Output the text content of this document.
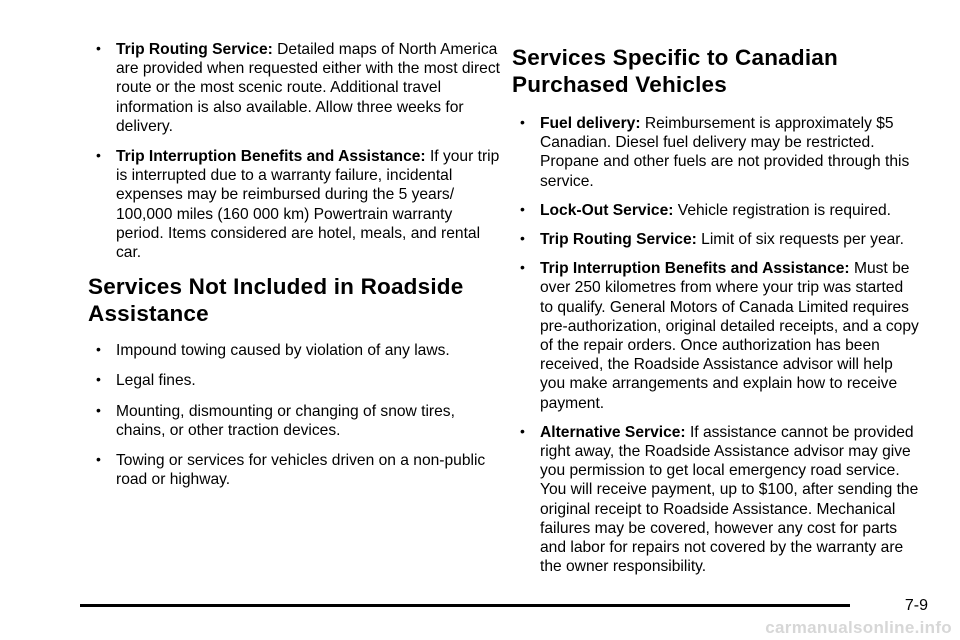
• Trip Routing Service: Detailed maps of North America are provided when requested either with the most direct route or the most scenic route. Additional travel information is also available. Allow three weeks for delivery.
• Trip Interruption Benefits and Assistance: If your trip is interrupted due to a warranty failure, incidental expenses may be reimbursed during the 5 years/ 100,000 miles (160 000 km) Powertrain warranty period. Items considered are hotel, meals, and rental car.
Services Not Included in Roadside Assistance
• Impound towing caused by violation of any laws.
• Legal fines.
• Mounting, dismounting or changing of snow tires, chains, or other traction devices.
• Towing or services for vehicles driven on a non-public road or highway.
Services Specific to Canadian Purchased Vehicles
• Fuel delivery: Reimbursement is approximately $5 Canadian. Diesel fuel delivery may be restricted. Propane and other fuels are not provided through this service.
• Lock-Out Service: Vehicle registration is required.
• Trip Routing Service: Limit of six requests per year.
• Trip Interruption Benefits and Assistance: Must be over 250 kilometres from where your trip was started to qualify. General Motors of Canada Limited requires pre-authorization, original detailed receipts, and a copy of the repair orders. Once authorization has been received, the Roadside Assistance advisor will help you make arrangements and explain how to receive payment.
• Alternative Service: If assistance cannot be provided right away, the Roadside Assistance advisor may give you permission to get local emergency road service. You will receive payment, up to $100, after sending the original receipt to Roadside Assistance. Mechanical failures may be covered, however any cost for parts and labor for repairs not covered by the warranty are the owner responsibility.
7-9
carmanualsonline.info
